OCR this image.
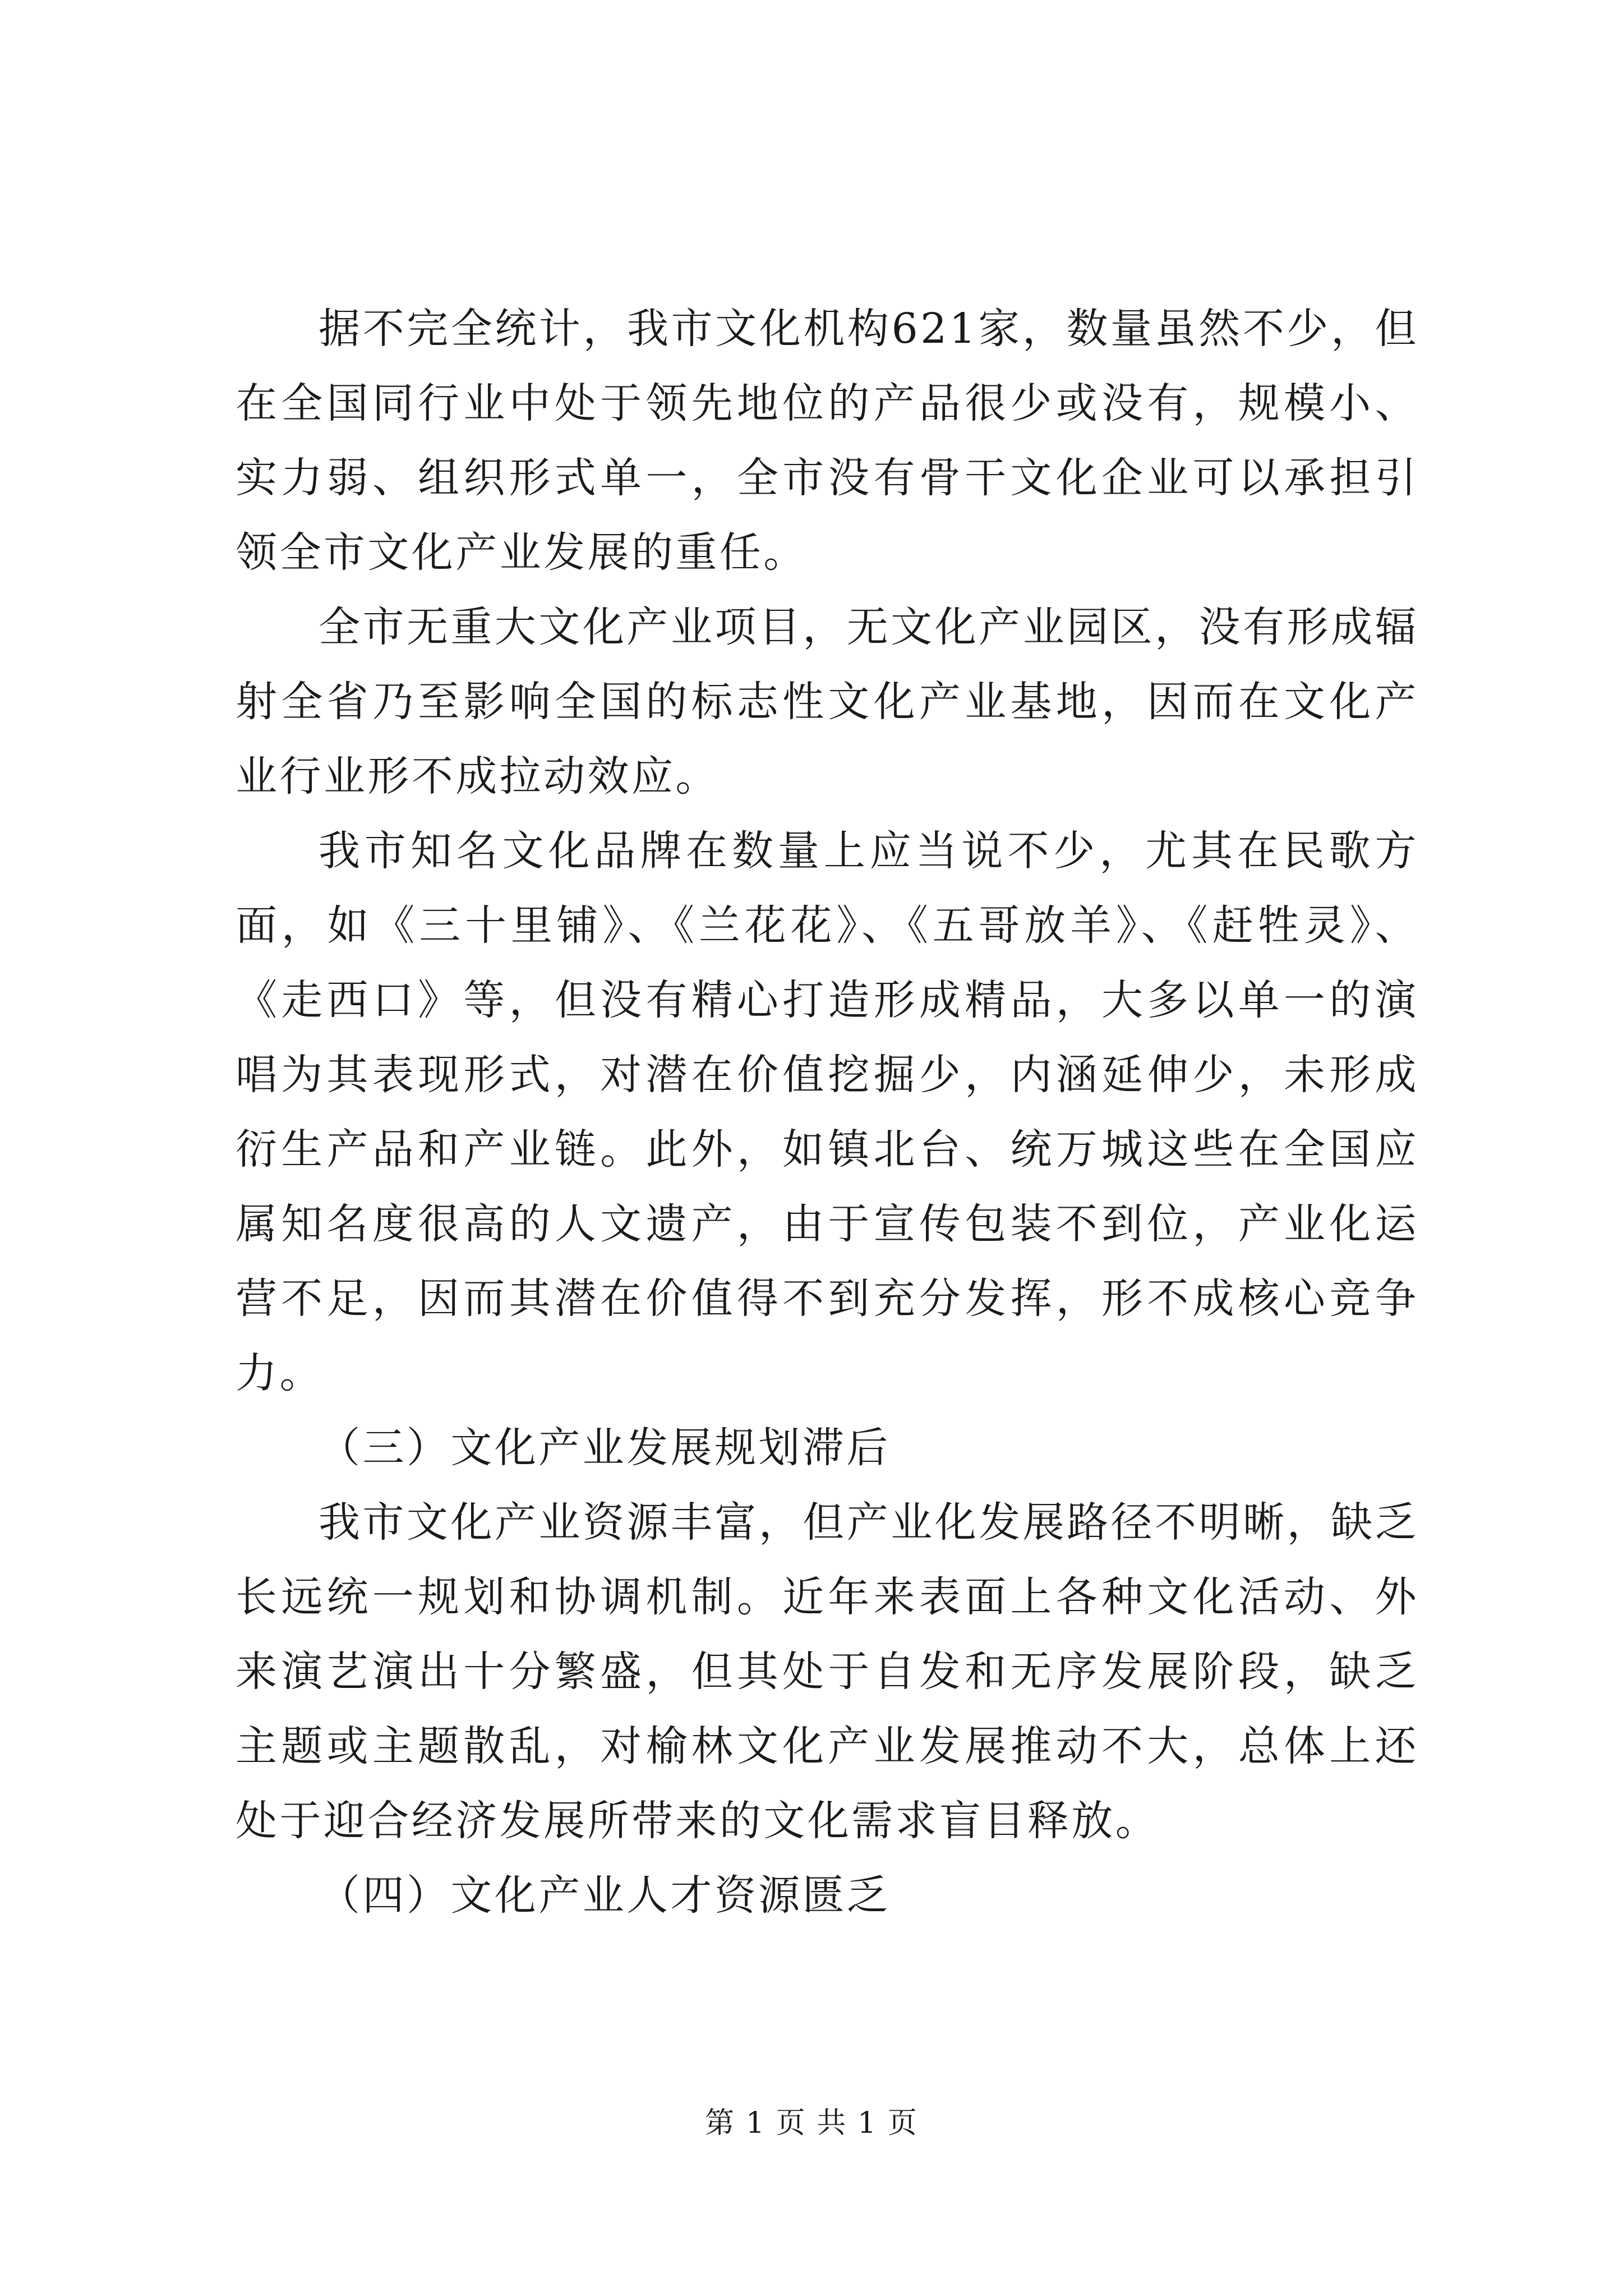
据不完全统计，我市文化机构621家，数量虽然不少，但在全国同行业中处于领先地位的产品很少或没有，规模小、实力弱、组织形式单一，全市没有骨干文化企业可以承担引领全市文化产业发展的重任。

全市无重大文化产业项目，无文化产业园区，没有形成辐射全省乃至影响全国的标志性文化产业基地，因而在文化产业行业形不成拉动效应。

我市知名文化品牌在数量上应当说不少，尤其在民歌方面，如《三十里铺》、《兰花花》、《五哥放羊》、《赶牲灵》、《走西口》等，但没有精心打造形成精品，大多以单一的演唱为其表现形式，对潜在价值挖掘少，内涵延伸少，未形成衍生产品和产业链。此外，如镇北台、统万城这些在全国应属知名度很高的人文遗产，由于宣传包装不到位，产业化运营不足，因而其潜在价值得不到充分发挥，形不成核心竞争力。

（三）文化产业发展规划滞后

我市文化产业资源丰富，但产业化发展路径不明晰，缺乏长远统一规划和协调机制。近年来表面上各种文化活动、外来演艺演出十分繁盛，但其处于自发和无序发展阶段，缺乏主题或主题散乱，对榆林文化产业发展推动不大，总体上还处于迎合经济发展所带来的文化需求盲目释放。

（四）文化产业人才资源匮乏

第 1 页 共 1 页
